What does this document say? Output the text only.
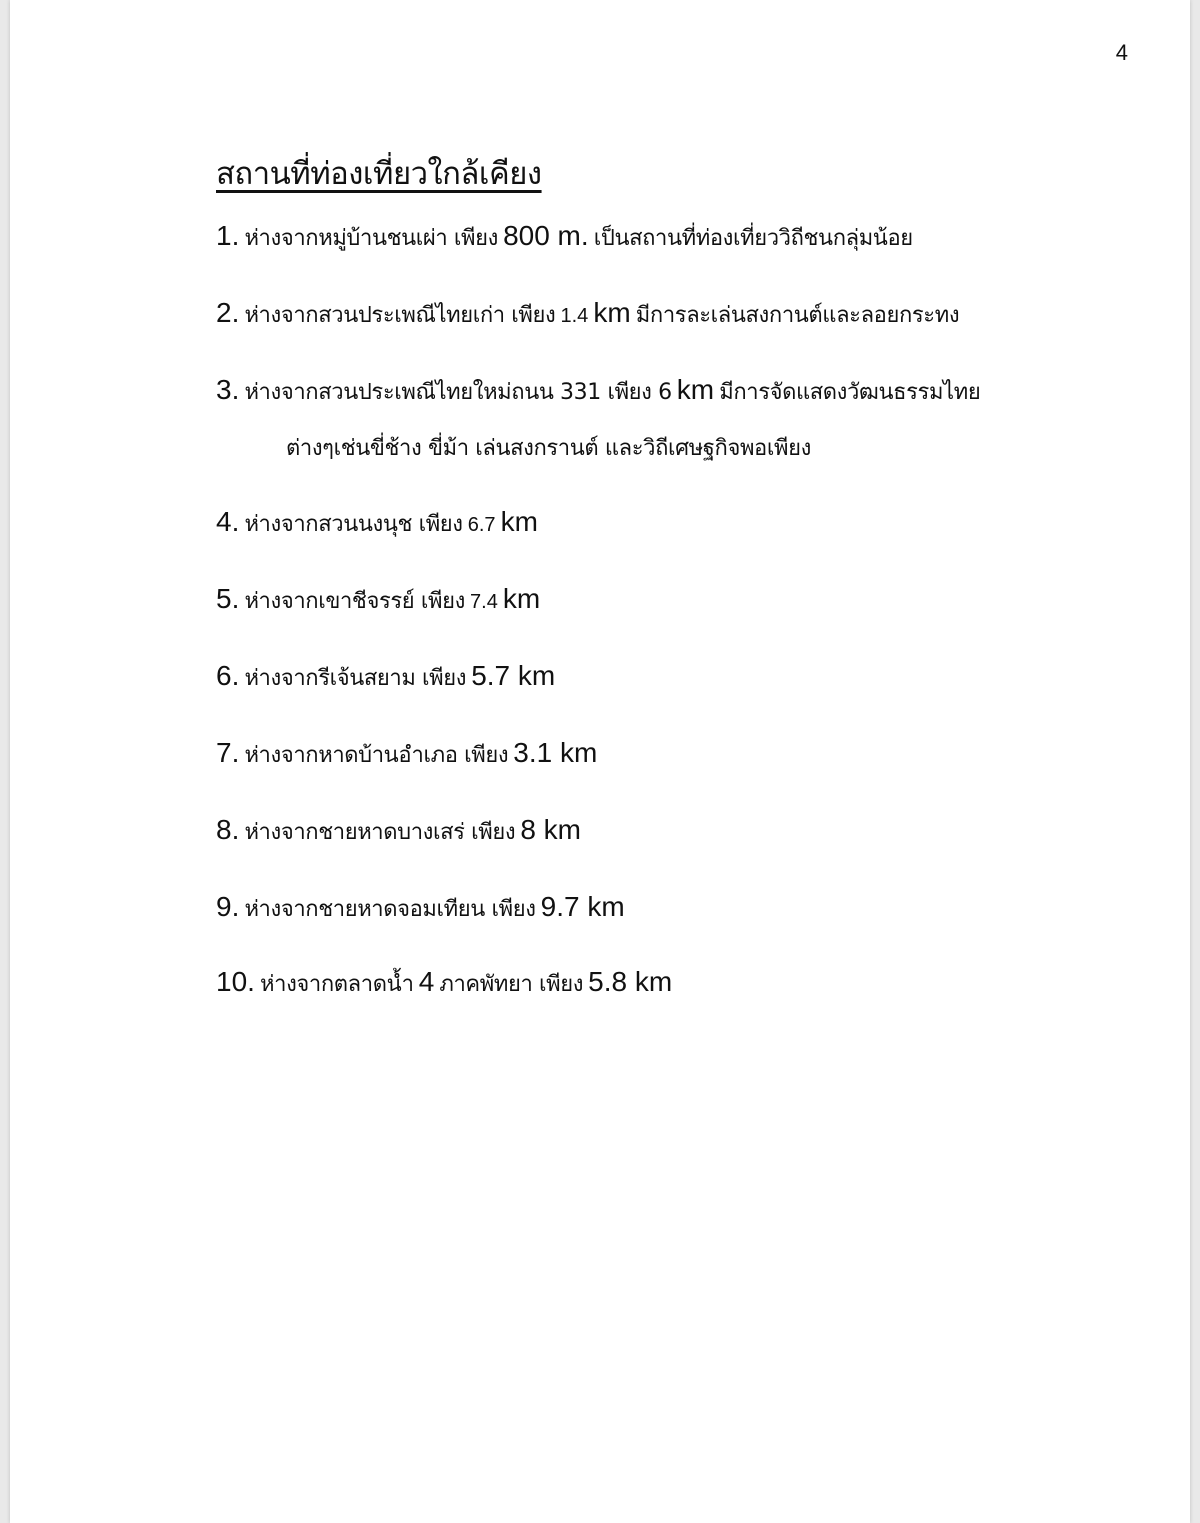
4
สถานที่ท่องเที่ยวใกล้เคียง
1. ห่างจากหมู่บ้านชนเผ่า เพียง 800 m. เป็นสถานที่ท่องเที่ยววิถีชนกลุ่มน้อย
2. ห่างจากสวนประเพณีไทยเก่า เพียง 1.4 km มีการละเล่นสงกานต์และลอยกระทง
3. ห่างจากสวนประเพณีไทยใหม่ถนน 331 เพียง 6 km มีการจัดแสดงวัฒนธรรมไทย
ต่างๆเช่นขี่ช้าง ขี่ม้า เล่นสงกรานต์ และวิถีเศษฐกิจพอเพียง
4. ห่างจากสวนนงนุช เพียง 6.7 km
5. ห่างจากเขาชีจรรย์ เพียง 7.4 km
6. ห่างจากรีเจ้นสยาม เพียง 5.7 km
7. ห่างจากหาดบ้านอำเภอ เพียง 3.1 km
8. ห่างจากชายหาดบางเสร่ เพียง 8 km
9. ห่างจากชายหาดจอมเทียน เพียง 9.7 km
10. ห่างจากตลาดน้ำ 4 ภาคพัทยา เพียง 5.8 km
